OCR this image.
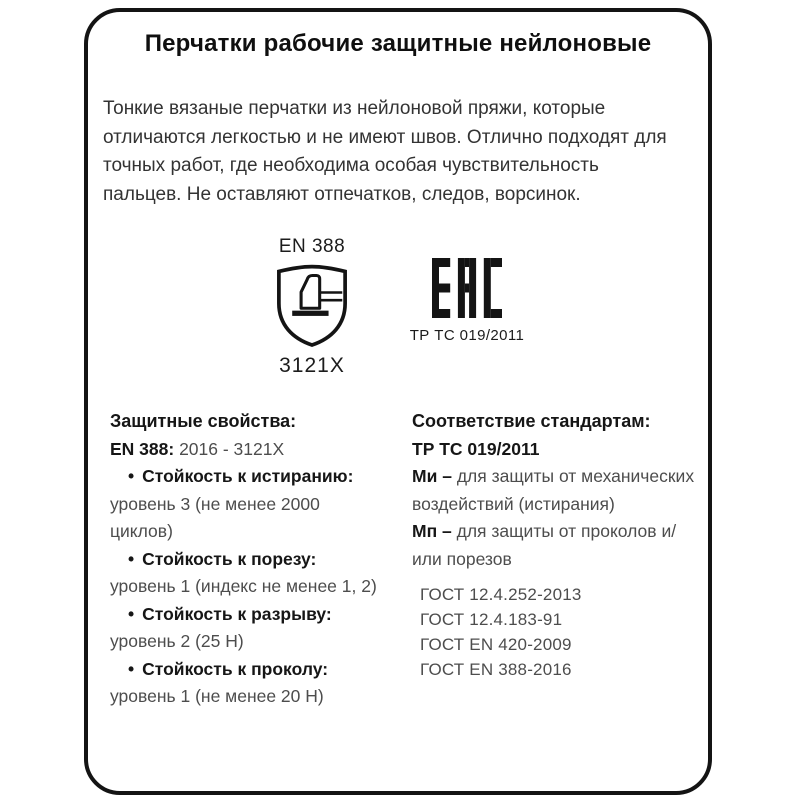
Перчатки рабочие защитные нейлоновые

Тонкие вязаные перчатки из нейлоновой пряжи, которые отличаются легкостью и не имеют швов. Отлично подходят для точных работ, где необходима особая чувствительность пальцев. Не оставляют отпечатков, следов, ворсинок.

EN 388
3121X
ТР ТС 019/2011
Защитные свойства:
EN 388: 2016 - 3121X
• Стойкость к истиранию:
уровень 3 (не менее 2000 циклов)
• Стойкость к порезу:
уровень 1 (индекс не менее 1, 2)
• Стойкость к разрыву:
уровень 2 (25 Н)
• Стойкость к проколу:
уровень 1 (не менее 20 Н)
Соответствие стандартам:
ТР ТС 019/2011
Ми – для защиты от механических воздействий (истирания)
Мп – для защиты от проколов и/или порезов
ГОСТ 12.4.252-2013
ГОСТ 12.4.183-91
ГОСТ EN 420-2009
ГОСТ EN 388-2016
